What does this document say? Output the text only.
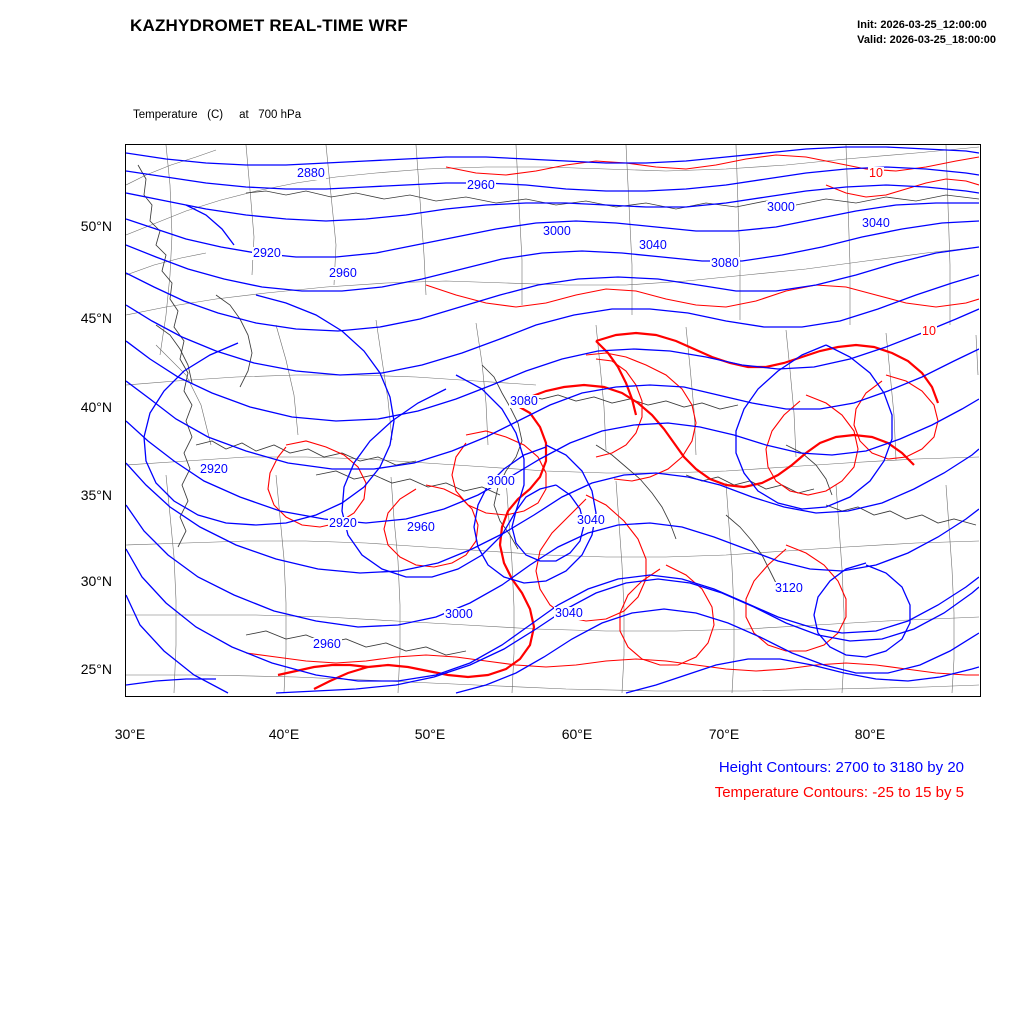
KAZHYDROMET REAL-TIME WRF	Init: 2026-03-25_12:00:00
Valid: 2026-03-25_18:00:00

Temperature   (C)     at   700 hPa

50°N
45°N
40°N
35°N
30°N
25°N
30°E	40°E	50°E	60°E	70°E	80°E
2880
2960
3000
3000
3040
3040
3080
2920
2960
3080
2920
3000
2920	2960	3040
3120
3000	3040
2960
10
10
Height Contours: 2700 to 3180 by 20
Temperature Contours: -25 to 15 by 5
